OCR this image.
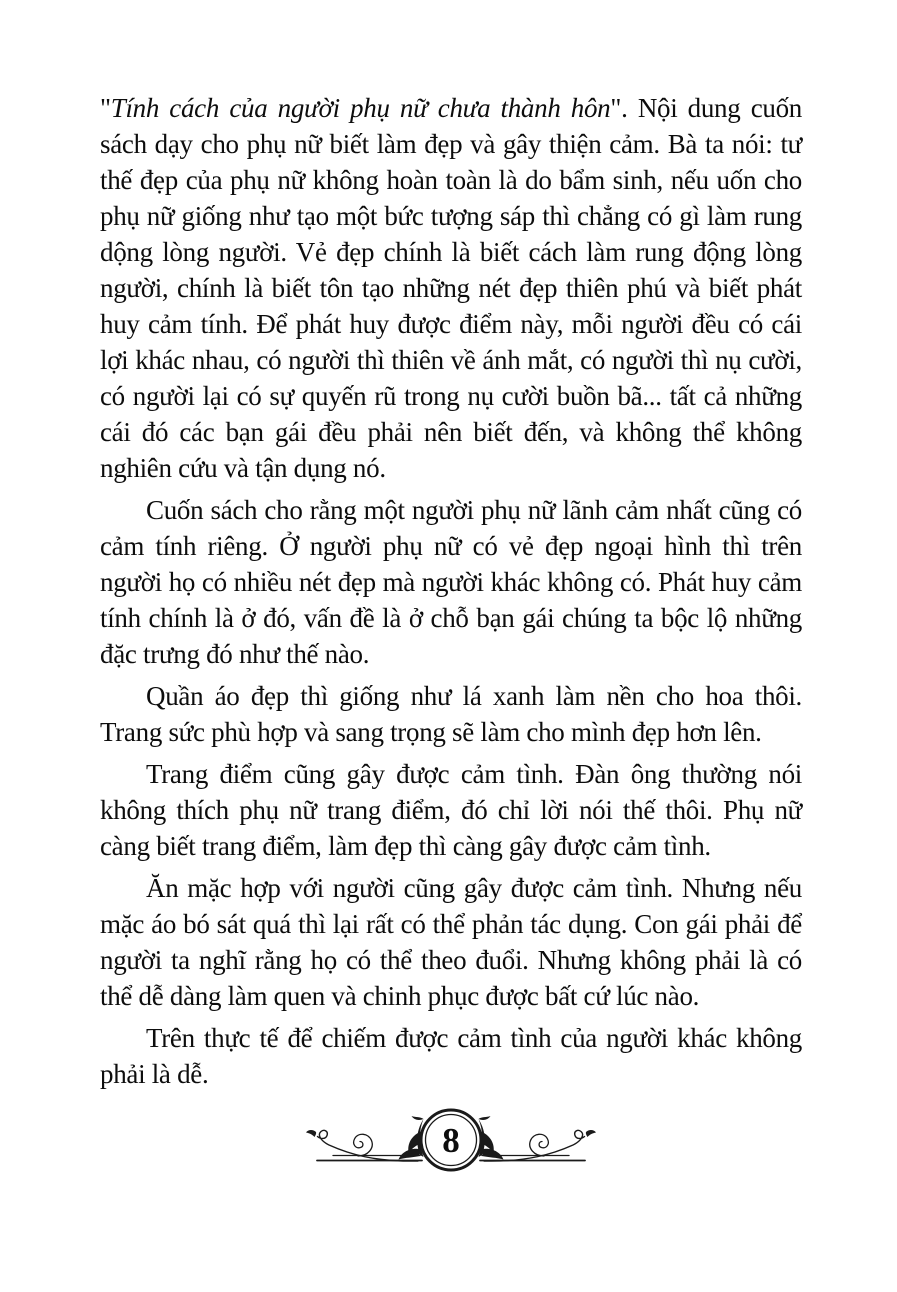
"Tính cách của người phụ nữ chưa thành hôn". Nội dung cuốn sách dạy cho phụ nữ biết làm đẹp và gây thiện cảm. Bà ta nói: tư thế đẹp của phụ nữ không hoàn toàn là do bẩm sinh, nếu uốn cho phụ nữ giống như tạo một bức tượng sáp thì chẳng có gì làm rung dộng lòng người. Vẻ đẹp chính là biết cách làm rung động lòng người, chính là biết tôn tạo những nét đẹp thiên phú và biết phát huy cảm tính. Để phát huy được điểm này, mỗi người đều có cái lợi khác nhau, có người thì thiên về ánh mắt, có người thì nụ cười, có người lại có sự quyến rũ trong nụ cười buồn bã... tất cả những cái đó các bạn gái đều phải nên biết đến, và không thể không nghiên cứu và tận dụng nó.

Cuốn sách cho rằng một người phụ nữ lãnh cảm nhất cũng có cảm tính riêng. Ở người phụ nữ có vẻ đẹp ngoại hình thì trên người họ có nhiều nét đẹp mà người khác không có. Phát huy cảm tính chính là ở đó, vấn đề là ở chỗ bạn gái chúng ta bộc lộ những đặc trưng đó như thế nào.

Quần áo đẹp thì giống như lá xanh làm nền cho hoa thôi. Trang sức phù hợp và sang trọng sẽ làm cho mình đẹp hơn lên.

Trang điểm cũng gây được cảm tình. Đàn ông thường nói không thích phụ nữ trang điểm, đó chỉ lời nói thế thôi. Phụ nữ càng biết trang điểm, làm đẹp thì càng gây được cảm tình.

Ăn mặc hợp với người cũng gây được cảm tình. Nhưng nếu mặc áo bó sát quá thì lại rất có thể phản tác dụng. Con gái phải để người ta nghĩ rằng họ có thể theo đuổi. Nhưng không phải là có thể dễ dàng làm quen và chinh phục được bất cứ lúc nào.

Trên thực tế để chiếm được cảm tình của người khác không phải là dễ.

8
